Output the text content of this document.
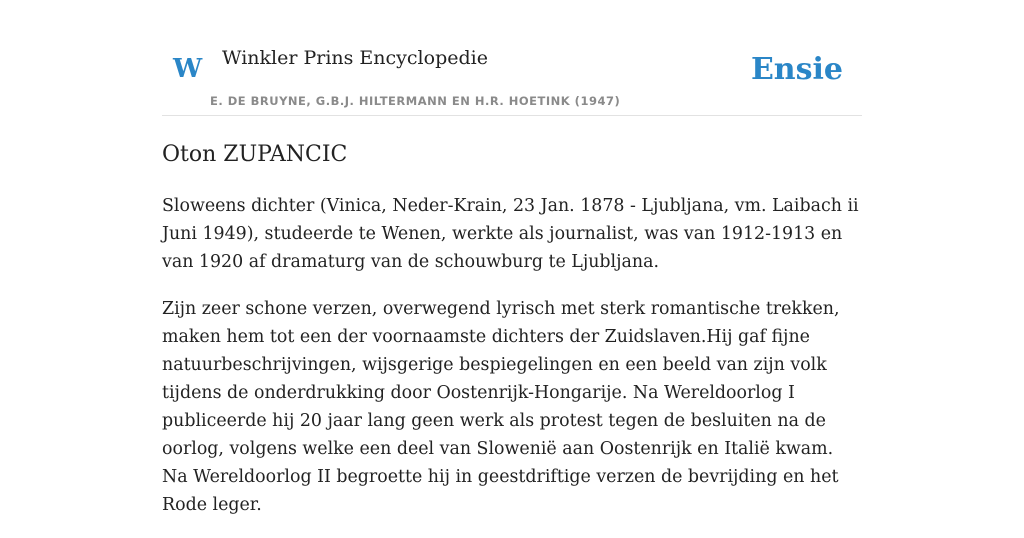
W Winkler Prins Encyclopedie	Ensie
E. DE BRUYNE, G.B.J. HILTERMANN EN H.R. HOETINK (1947)
Oton ZUPANCIC

Sloweens dichter (Vinica, Neder-Krain, 23 Jan. 1878 - Ljubljana, vm. Laibach ii Juni 1949), studeerde te Wenen, werkte als journalist, was van 1912-1913 en van 1920 af dramaturg van de schouwburg te Ljubljana.

Zijn zeer schone verzen, overwegend lyrisch met sterk romantische trekken, maken hem tot een der voornaamste dichters der Zuidslaven.Hij gaf fijne natuurbeschrijvingen, wijsgerige bespiegelingen en een beeld van zijn volk tijdens de onderdrukking door Oostenrijk-Hongarije. Na Wereldoorlog I publiceerde hij 20 jaar lang geen werk als protest tegen de besluiten na de oorlog, volgens welke een deel van Slowenië aan Oostenrijk en Italië kwam. Na Wereldoorlog II begroette hij in geestdriftige verzen de bevrijding en het Rode leger.
